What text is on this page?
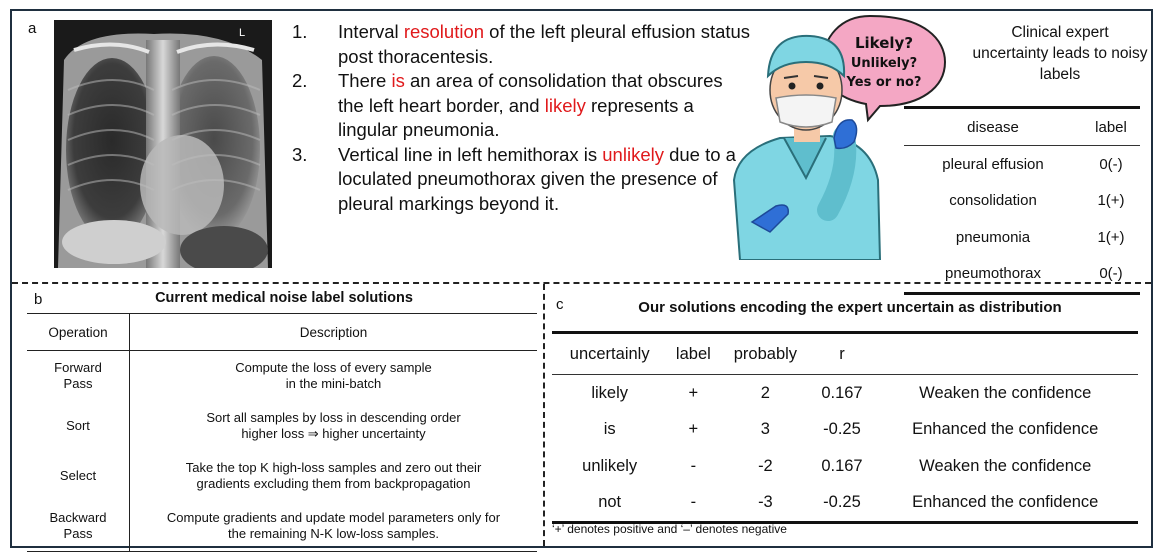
a	L	1. Interval resolution of the left pleural effusion status post thoracentesis.
2. There is an area of consolidation that obscures the left heart border, and likely represents a lingular pneumonia.
3. Vertical line in left hemithorax is unlikely due to a loculated pneumothorax given the presence of pleural markings beyond it.
Likely?
Unlikely?
Yes or no?
Clinical expert uncertainty leads to noisy labels
disease	label
pleural effusion	0(-)
consolidation	1(+)
pneumonia	1(+)
pneumothorax	0(-)
b	Current medical noise label solutions
Operation	Description
Forward
Pass	Compute the loss of every sample
in the mini-batch
Sort	Sort all samples by loss in descending order
higher loss ⇒ higher uncertainty
Select	Take the top K high-loss samples and zero out their
gradients excluding them from backpropagation
Backward
Pass	Compute gradients and update model parameters only for
the remaining N-K low-loss samples.
c	Our solutions encoding the expert uncertain as distribution
uncertainly	label	probably	r	
likely	+	2	0.167	Weaken the confidence
is	+	3	-0.25	Enhanced the confidence
unlikely	-	-2	0.167	Weaken the confidence
not	-	-3	-0.25	Enhanced the confidence
‘+’ denotes positive and ‘–’ denotes negative
